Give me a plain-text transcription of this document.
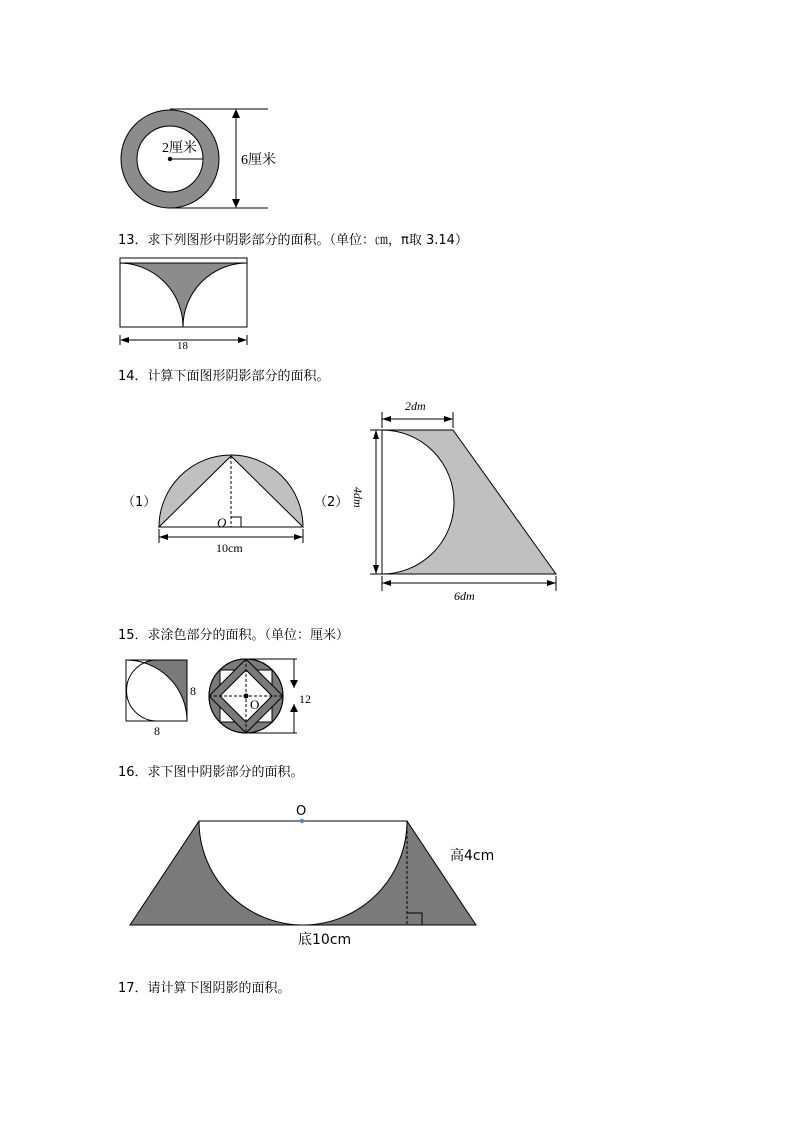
2厘米
6厘米
13．求下列图形中阴影部分的面积。（单位：㎝，π取 3.14）
18
14．计算下面图形阴影部分的面积。
（1）
O
10cm
（2）
2dm
4dm
6dm
15．求涂色部分的面积。（单位：厘米）
8
8
O	12
16．求下图中阴影部分的面积。
O
高4cm
底10cm
17．请计算下图阴影的面积。
